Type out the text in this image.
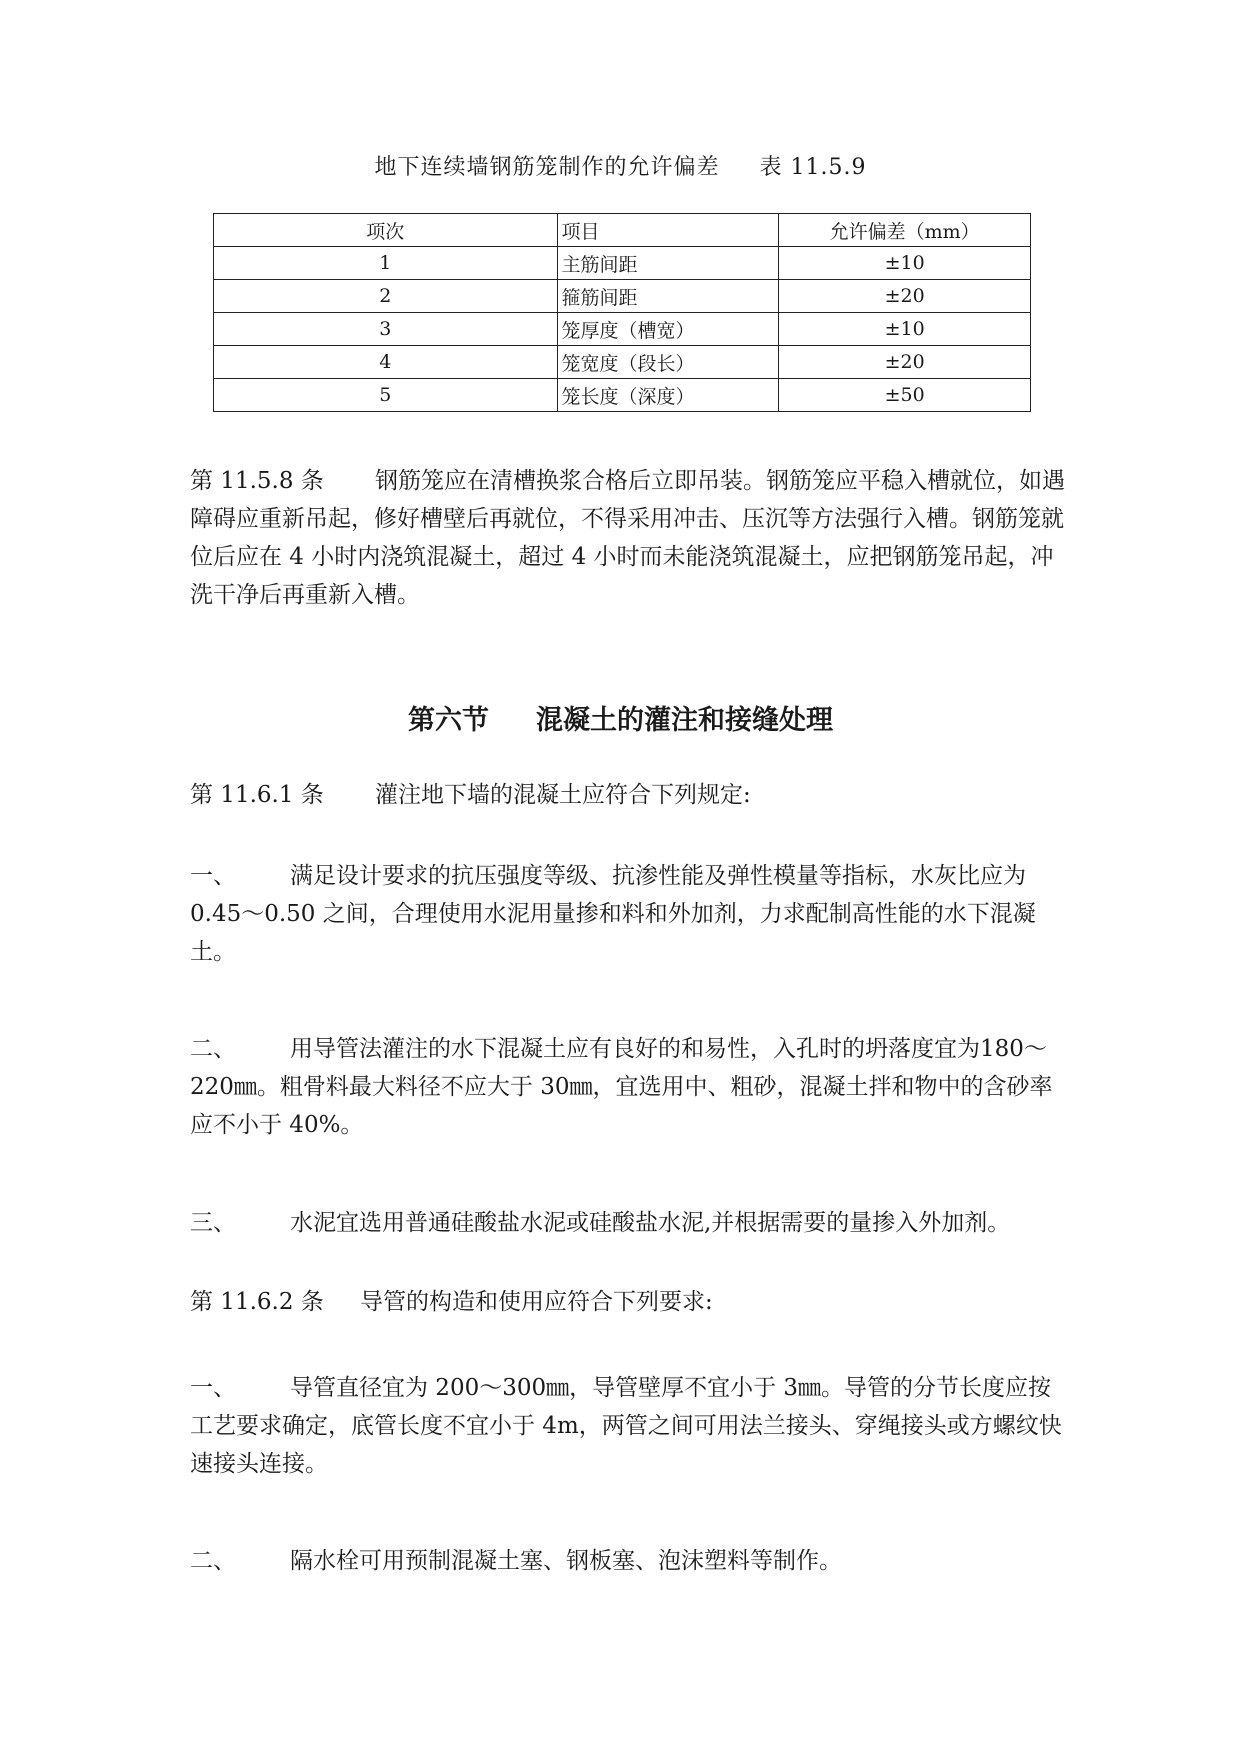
地下连续墙钢筋笼制作的允许偏差     表 11.5.9
项次	项目	允许偏差（mm）
1	主筋间距	±10
2	箍筋间距	±20
3	笼厚度（槽宽）	±10
4	笼宽度（段长）	±20
5	笼长度（深度）	±50

第 11.5.8 条 钢筋笼应在清槽换浆合格后立即吊装。钢筋笼应平稳入槽就位，如遇障碍应重新吊起，修好槽壁后再就位，不得采用冲击、压沉等方法强行入槽。钢筋笼就位后应在 4 小时内浇筑混凝土，超过 4 小时而未能浇筑混凝土，应把钢筋笼吊起，冲洗干净后再重新入槽。

第六节     混凝土的灌注和接缝处理

第 11.6.1 条 灌注地下墙的混凝土应符合下列规定:

一、 满足设计要求的抗压强度等级、抗渗性能及弹性模量等指标，水灰比应为 0.45～0.50 之间，合理使用水泥用量掺和料和外加剂，力求配制高性能的水下混凝土。

二、 用导管法灌注的水下混凝土应有良好的和易性，入孔时的坍落度宜为180～220㎜。粗骨料最大料径不应大于 30㎜，宜选用中、粗砂，混凝土拌和物中的含砂率应不小于 40%。

三、 水泥宜选用普通硅酸盐水泥或硅酸盐水泥,并根据需要的量掺入外加剂。

第 11.6.2 条 导管的构造和使用应符合下列要求:

一、 导管直径宜为 200～300㎜，导管壁厚不宜小于 3㎜。导管的分节长度应按工艺要求确定，底管长度不宜小于 4m，两管之间可用法兰接头、穿绳接头或方螺纹快速接头连接。

二、 隔水栓可用预制混凝土塞、钢板塞、泡沫塑料等制作。
